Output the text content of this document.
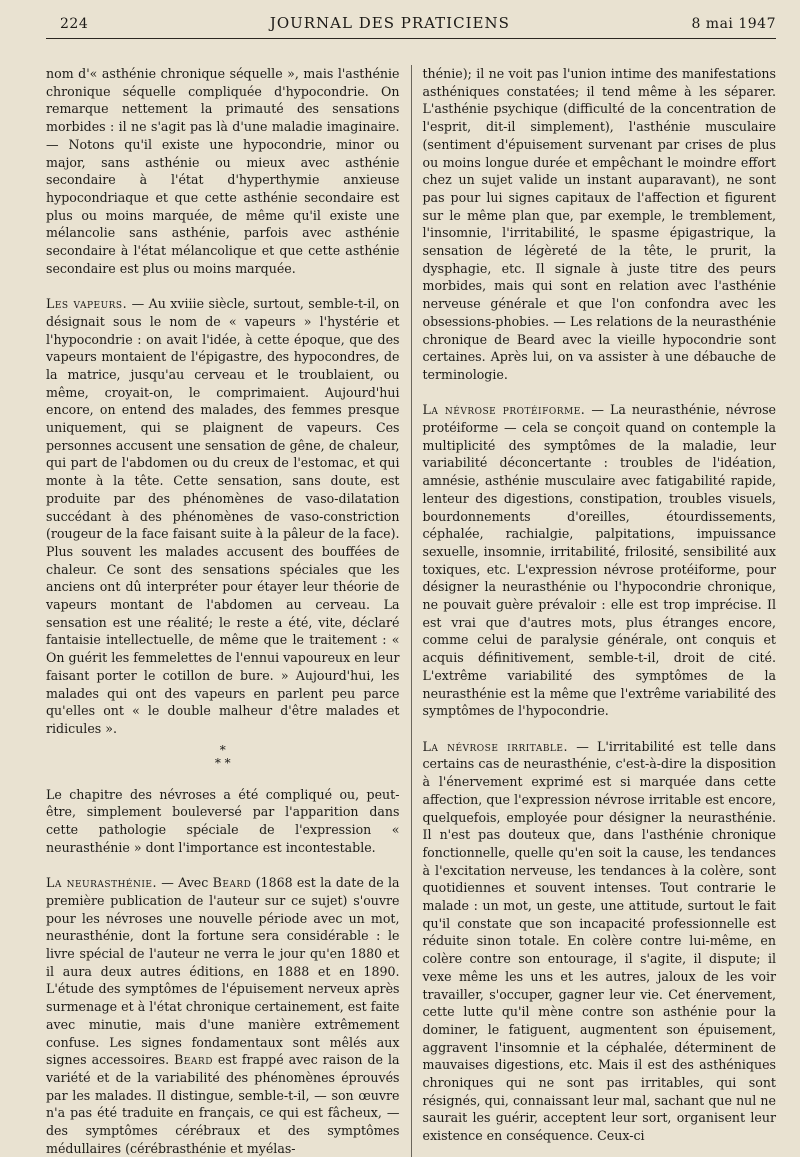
224	JOURNAL DES PRATICIENS	8 mai 1947

nom d'« asthénie chronique séquelle », mais l'asthénie chronique séquelle compliquée d'hypocondrie. On remarque nettement la primauté des sensations morbides : il ne s'agit pas là d'une maladie imaginaire. — Notons qu'il existe une hypocondrie, minor ou major, sans asthénie ou mieux avec asthénie secondaire à l'état d'hyperthymie anxieuse hypocondriaque et que cette asthénie secondaire est plus ou moins marquée, de même qu'il existe une mélancolie sans asthénie, parfois avec asthénie secondaire à l'état mélancolique et que cette asthénie secondaire est plus ou moins marquée.

Les vapeurs. — Au xviiie siècle, surtout, semble-t-il, on désignait sous le nom de « vapeurs » l'hystérie et l'hypocondrie : on avait l'idée, à cette époque, que des vapeurs montaient de l'épigastre, des hypocondres, de la matrice, jusqu'au cerveau et le troublaient, ou même, croyait-on, le comprimaient. Aujourd'hui encore, on entend des malades, des femmes presque uniquement, qui se plaignent de vapeurs. Ces personnes accusent une sensation de gêne, de chaleur, qui part de l'abdomen ou du creux de l'estomac, et qui monte à la tête. Cette sensation, sans doute, est produite par des phénomènes de vaso-dilatation succédant à des phénomènes de vaso-constriction (rougeur de la face faisant suite à la pâleur de la face). Plus souvent les malades accusent des bouffées de chaleur. Ce sont des sensations spéciales que les anciens ont dû interpréter pour étayer leur théorie de vapeurs montant de l'abdomen au cerveau. La sensation est une réalité; le reste a été, vite, déclaré fantaisie intellectuelle, de même que le traitement : « On guérit les femmelettes de l'ennui vapoureux en leur faisant porter le cotillon de bure. » Aujourd'hui, les malades qui ont des vapeurs en parlent peu parce qu'elles ont « le double malheur d'être malades et ridicules ».

*
* *

Le chapitre des névroses a été compliqué ou, peut-être, simplement bouleversé par l'apparition dans cette pathologie spéciale de l'expression « neurasthénie » dont l'importance est incontestable.

La neurasthénie. — Avec Beard (1868 est la date de la première publication de l'auteur sur ce sujet) s'ouvre pour les névroses une nouvelle période avec un mot, neurasthénie, dont la fortune sera considérable : le livre spécial de l'auteur ne verra le jour qu'en 1880 et il aura deux autres éditions, en 1888 et en 1890. L'étude des symptômes de l'épuisement nerveux après surmenage et à l'état chronique certainement, est faite avec minutie, mais d'une manière extrêmement confuse. Les signes fondamentaux sont mêlés aux signes accessoires. Beard est frappé avec raison de la variété et de la variabilité des phénomènes éprouvés par les malades. Il distingue, semble-t-il, — son œuvre n'a pas été traduite en français, ce qui est fâcheux, — des symptômes cérébraux et des symptômes médullaires (cérébrasthénie et myélas-

thénie); il ne voit pas l'union intime des manifestations asthéniques constatées; il tend même à les séparer. L'asthénie psychique (difficulté de la concentration de l'esprit, dit-il simplement), l'asthénie musculaire (sentiment d'épuisement survenant par crises de plus ou moins longue durée et empêchant le moindre effort chez un sujet valide un instant auparavant), ne sont pas pour lui signes capitaux de l'affection et figurent sur le même plan que, par exemple, le tremblement, l'insomnie, l'irritabilité, le spasme épigastrique, la sensation de légèreté de la tête, le prurit, la dysphagie, etc. Il signale à juste titre des peurs morbides, mais qui sont en relation avec l'asthénie nerveuse générale et que l'on confondra avec les obsessions-phobies. — Les relations de la neurasthénie chronique de Beard avec la vieille hypocondrie sont certaines. Après lui, on va assister à une débauche de terminologie.

La névrose protéiforme. — La neurasthénie, névrose protéiforme — cela se conçoit quand on contemple la multiplicité des symptômes de la maladie, leur variabilité déconcertante : troubles de l'idéation, amnésie, asthénie musculaire avec fatigabilité rapide, lenteur des digestions, constipation, troubles visuels, bourdonnements d'oreilles, étourdissements, céphalée, rachialgie, palpitations, impuissance sexuelle, insomnie, irritabilité, frilosité, sensibilité aux toxiques, etc. L'expression névrose protéiforme, pour désigner la neurasthénie ou l'hypocondrie chronique, ne pouvait guère prévaloir : elle est trop imprécise. Il est vrai que d'autres mots, plus étranges encore, comme celui de paralysie générale, ont conquis et acquis définitivement, semble-t-il, droit de cité. L'extrême variabilité des symptômes de la neurasthénie est la même que l'extrême variabilité des symptômes de l'hypocondrie.

La névrose irritable. — L'irritabilité est telle dans certains cas de neurasthénie, c'est-à-dire la disposition à l'énervement exprimé est si marquée dans cette affection, que l'expression névrose irritable est encore, quelquefois, employée pour désigner la neurasthénie. Il n'est pas douteux que, dans l'asthénie chronique fonctionnelle, quelle qu'en soit la cause, les tendances à l'excitation nerveuse, les tendances à la colère, sont quotidiennes et souvent intenses. Tout contrarie le malade : un mot, un geste, une attitude, surtout le fait qu'il constate que son incapacité professionnelle est réduite sinon totale. En colère contre lui-même, en colère contre son entourage, il s'agite, il dispute; il vexe même les uns et les autres, jaloux de les voir travailler, s'occuper, gagner leur vie. Cet énervement, cette lutte qu'il mène contre son asthénie pour la dominer, le fatiguent, augmentent son épuisement, aggravent l'insomnie et la céphalée, déterminent de mauvaises digestions, etc. Mais il est des asthéniques chroniques qui ne sont pas irritables, qui sont résignés, qui, connaissant leur mal, sachant que nul ne saurait les guérir, acceptent leur sort, organisent leur existence en conséquence. Ceux-ci
